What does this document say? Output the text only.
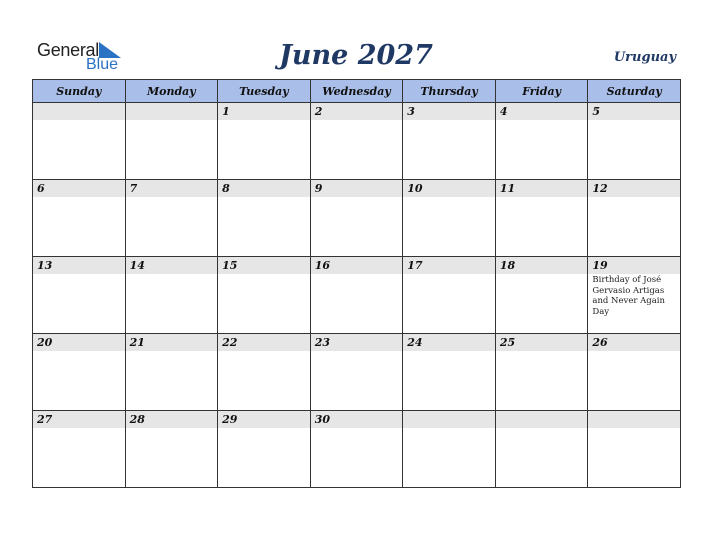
General
Blue	June 2027	Uruguay
Sunday	Monday	Tuesday	Wednesday	Thursday	Friday	Saturday

		1	2	3	4	5

6	7	8	9	10	11	12

13	14	15	16	17	18	19
Birthday of José Gervasio Artigas and Never Again Day

20	21	22	23	24	25	26

27	28	29	30			
